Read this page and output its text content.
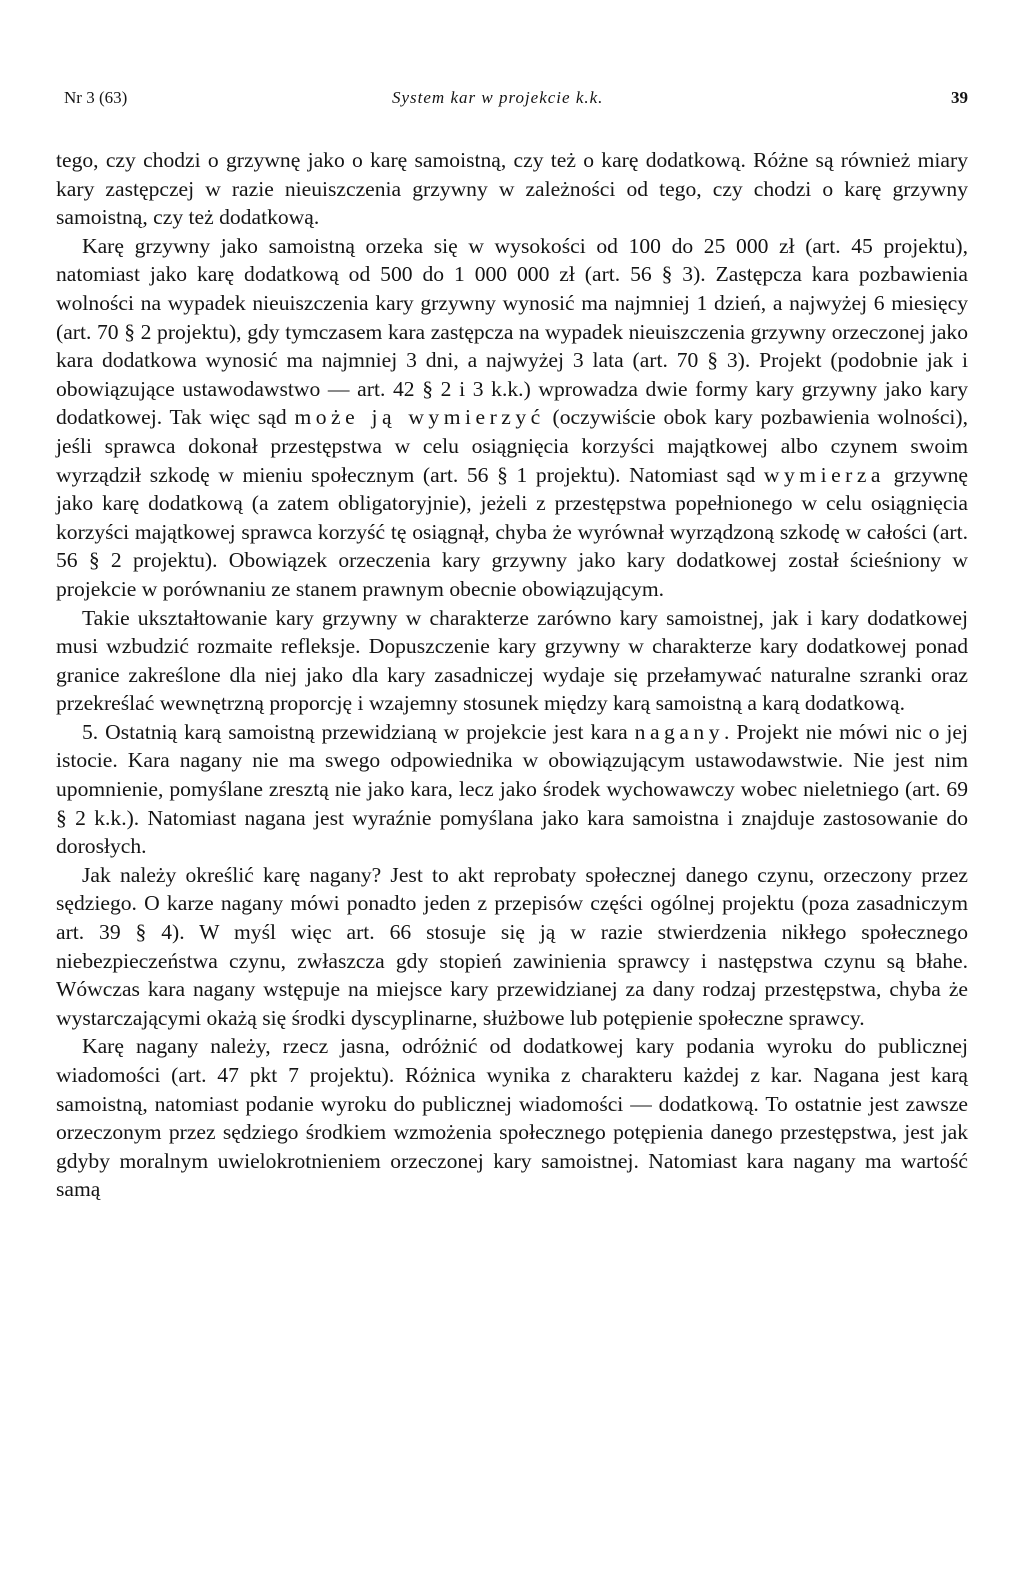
Nr 3 (63)	System kar w projekcie k.k.	39

tego, czy chodzi o grzywnę jako o karę samoistną, czy też o karę dodatkową. Różne są również miary kary zastępczej w razie nieuiszczenia grzywny w zależności od tego, czy chodzi o karę grzywny samoistną, czy też dodatkową.

Karę grzywny jako samoistną orzeka się w wysokości od 100 do 25 000 zł (art. 45 projektu), natomiast jako karę dodatkową od 500 do 1 000 000 zł (art. 56 § 3). Zastępcza kara pozbawienia wolności na wypadek nieuiszczenia kary grzywny wynosić ma najmniej 1 dzień, a najwyżej 6 miesięcy (art. 70 § 2 projektu), gdy tymczasem kara zastępcza na wypadek nieuiszczenia grzywny orzeczonej jako kara dodatkowa wynosić ma najmniej 3 dni, a najwyżej 3 lata (art. 70 § 3). Projekt (podobnie jak i obowiązujące ustawodawstwo — art. 42 § 2 i 3 k.k.) wprowadza dwie formy kary grzywny jako kary dodatkowej. Tak więc sąd może ją wymierzyć (oczywiście obok kary pozbawienia wolności), jeśli sprawca dokonał przestępstwa w celu osiągnięcia korzyści majątkowej albo czynem swoim wyrządził szkodę w mieniu społecznym (art. 56 § 1 projektu). Natomiast sąd wymierza grzywnę jako karę dodatkową (a zatem obligatoryjnie), jeżeli z przestępstwa popełnionego w celu osiągnięcia korzyści majątkowej sprawca korzyść tę osiągnął, chyba że wyrównał wyrządzoną szkodę w całości (art. 56 § 2 projektu). Obowiązek orzeczenia kary grzywny jako kary dodatkowej został ścieśniony w projekcie w porównaniu ze stanem prawnym obecnie obowiązującym.

Takie ukształtowanie kary grzywny w charakterze zarówno kary samoistnej, jak i kary dodatkowej musi wzbudzić rozmaite refleksje. Dopuszczenie kary grzywny w charakterze kary dodatkowej ponad granice zakreślone dla niej jako dla kary zasadniczej wydaje się przełamywać naturalne szranki oraz przekreślać wewnętrzną proporcję i wzajemny stosunek między karą samoistną a karą dodatkową.

5. Ostatnią karą samoistną przewidzianą w projekcie jest kara nagany. Projekt nie mówi nic o jej istocie. Kara nagany nie ma swego odpowiednika w obowiązującym ustawodawstwie. Nie jest nim upomnienie, pomyślane zresztą nie jako kara, lecz jako środek wychowawczy wobec nieletniego (art. 69 § 2 k.k.). Natomiast nagana jest wyraźnie pomyślana jako kara samoistna i znajduje zastosowanie do dorosłych.

Jak należy określić karę nagany? Jest to akt reprobaty społecznej danego czynu, orzeczony przez sędziego. O karze nagany mówi ponadto jeden z przepisów części ogólnej projektu (poza zasadniczym art. 39 § 4). W myśl więc art. 66 stosuje się ją w razie stwierdzenia nikłego społecznego niebezpieczeństwa czynu, zwłaszcza gdy stopień zawinienia sprawcy i następstwa czynu są błahe. Wówczas kara nagany wstępuje na miejsce kary przewidzianej za dany rodzaj przestępstwa, chyba że wystarczającymi okażą się środki dyscyplinarne, służbowe lub potępienie społeczne sprawcy.

Karę nagany należy, rzecz jasna, odróżnić od dodatkowej kary podania wyroku do publicznej wiadomości (art. 47 pkt 7 projektu). Różnica wynika z charakteru każdej z kar. Nagana jest karą samoistną, natomiast podanie wyroku do publicznej wiadomości — dodatkową. To ostatnie jest zawsze orzeczonym przez sędziego środkiem wzmożenia społecznego potępienia danego przestępstwa, jest jak gdyby moralnym uwielokrotnieniem orzeczonej kary samoistnej. Natomiast kara nagany ma wartość samą
